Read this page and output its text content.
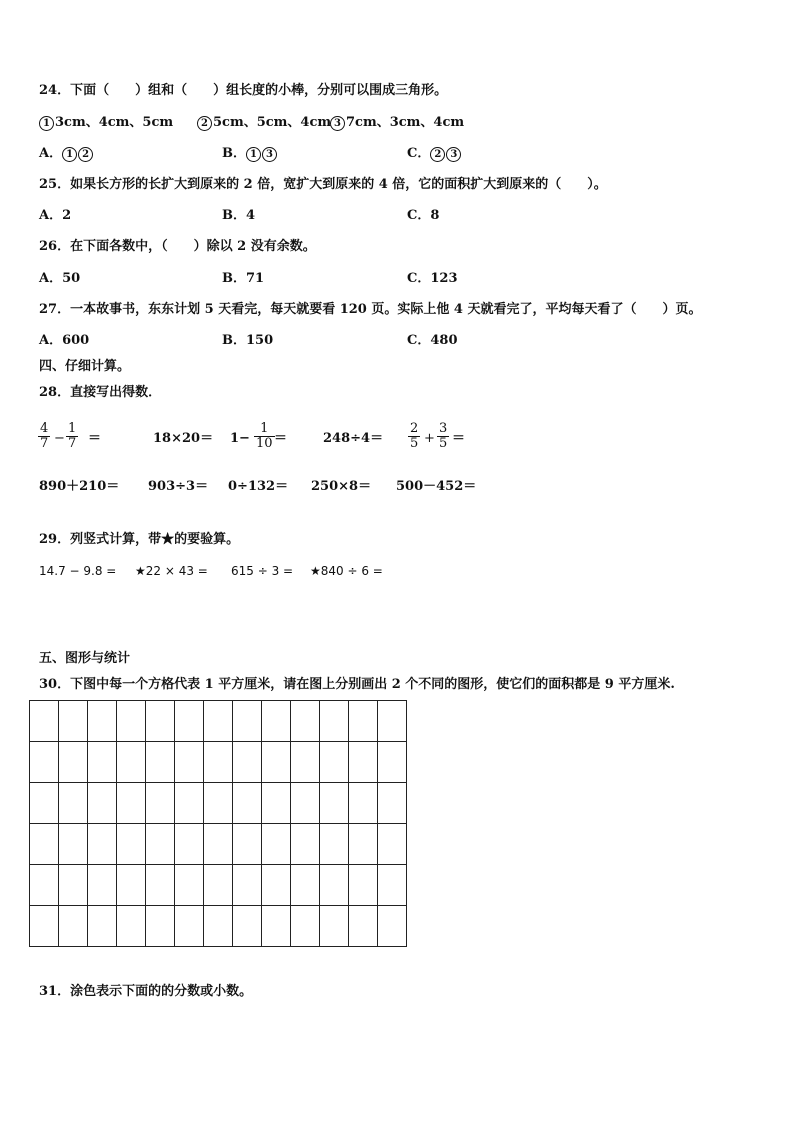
24．下面（　　）组和（　　）组长度的小棒，分别可以围成三角形。
1 3cm、4cm、5cm	2 5cm、5cm、4cm 3 7cm、3cm、4cm
A． 1 2	B． 1 3	C． 2 3
25．如果长方形的长扩大到原来的 2 倍，宽扩大到原来的 4 倍，它的面积扩大到原来的（　　）。
A．2	B．4	C．8
26．在下面各数中，（　　）除以 2 没有余数。
A．50	B．71	C．123
27．一本故事书，东东计划 5 天看完，每天就要看 120 页。实际上他 4 天就看完了，平均每天看了（　　）页。
A．600	B．150	C．480
四、仔细计算。
28．直接写出得数．
$\frac{4}{7} - \frac{1}{7}$ ＝	$18\times 20= 1- \frac{1}{10}$ ＝	$248\div 4= \frac{2}{5} + \frac{3}{5}$ ＝
890＋210＝ 903÷3＝ 0÷132＝ 250×8＝ 500－452＝
29．列竖式计算，带★的要验算。
14.7 − 9.8 = ★22 × 43 = 615 ÷ 3 = ★840 ÷ 6 =
五、图形与统计
30．下图中每一个方格代表 1 平方厘米，请在图上分别画出 2 个不同的图形，使它们的面积都是 9 平方厘米.

31．涂色表示下面的的分数或小数。
